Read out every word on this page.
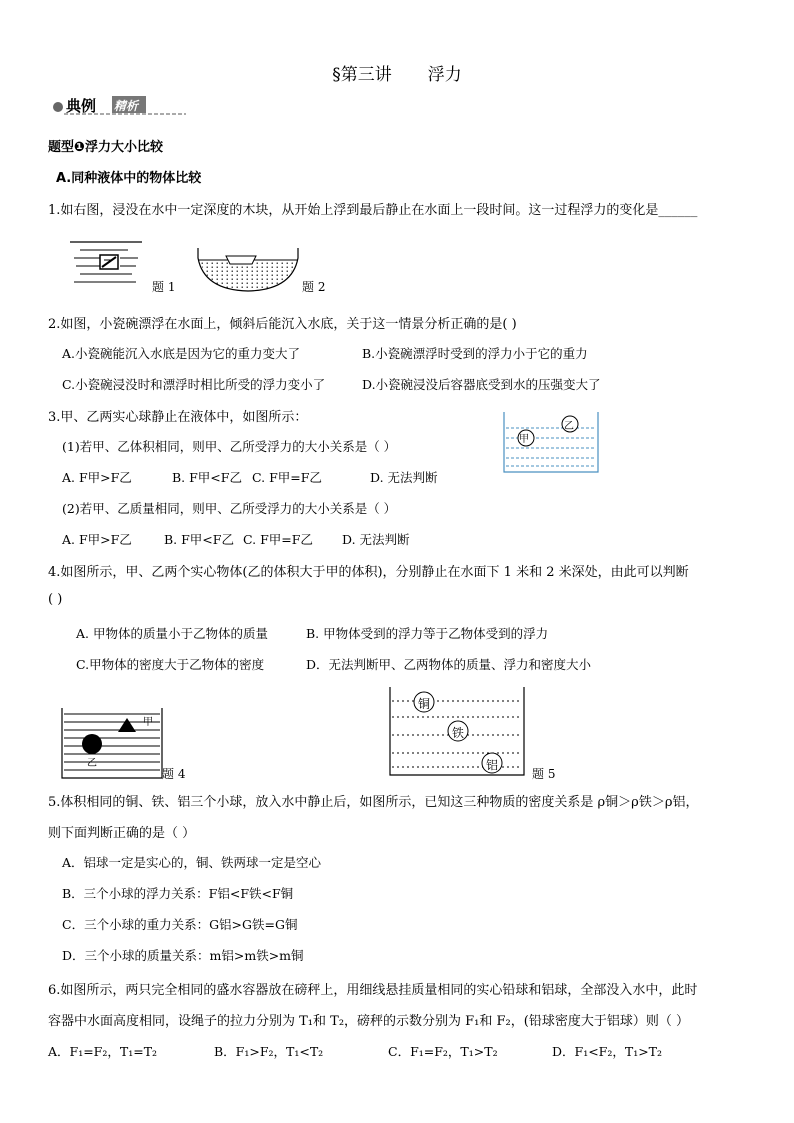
§第三讲 浮力
典例 精析
题型❶浮力大小比较
A.同种液体中的物体比较
1.如右图，浸没在水中一定深度的木块，从开始上浮到最后静止在水面上一段时间。这一过程浮力的变化是______
题 1	题 2
2.如图，小瓷碗漂浮在水面上，倾斜后能沉入水底，关于这一情景分析正确的是( )
A.小瓷碗能沉入水底是因为它的重力变大了	B.小瓷碗漂浮时受到的浮力小于它的重力
C.小瓷碗浸没时和漂浮时相比所受的浮力变小了	D.小瓷碗浸没后容器底受到水的压强变大了
3.甲、乙两实心球静止在液体中，如图所示：
(1)若甲、乙体积相同，则甲、乙所受浮力的大小关系是（ ）
A. F甲>F乙	B. F甲<F乙 C. F甲=F乙	D. 无法判断
(2)若甲、乙质量相同，则甲、乙所受浮力的大小关系是（ ）
A. F甲>F乙	B. F甲<F乙 C. F甲=F乙 D. 无法判断
甲
乙
4.如图所示，甲、乙两个实心物体(乙的体积大于甲的体积)，分别静止在水面下 1 米和 2 米深处，由此可以判断
( )
A. 甲物体的质量小于乙物体的质量	B. 甲物体受到的浮力等于乙物体受到的浮力
C.甲物体的密度大于乙物体的密度	D．无法判断甲、乙两物体的质量、浮力和密度大小
甲
乙
题 4
铜
铁
铝
题 5
5.体积相同的铜、铁、铝三个小球，放入水中静止后，如图所示，已知这三种物质的密度关系是 ρ铜＞ρ铁＞ρ铝，
则下面判断正确的是（ ）
A．铝球一定是实心的，铜、铁两球一定是空心
B．三个小球的浮力关系：F铝<F铁<F铜
C．三个小球的重力关系：G铝>G铁=G铜
D．三个小球的质量关系：m铝>m铁>m铜
6.如图所示，两只完全相同的盛水容器放在磅秤上，用细线悬挂质量相同的实心铅球和铝球，全部没入水中，此时
容器中水面高度相同，设绳子的拉力分别为 T₁和 T₂，磅秤的示数分别为 F₁和 F₂，(铅球密度大于铝球）则（ ）
A．F₁=F₂，T₁=T₂	B．F₁>F₂，T₁<T₂	C．F₁=F₂，T₁>T₂	D．F₁<F₂，T₁>T₂
